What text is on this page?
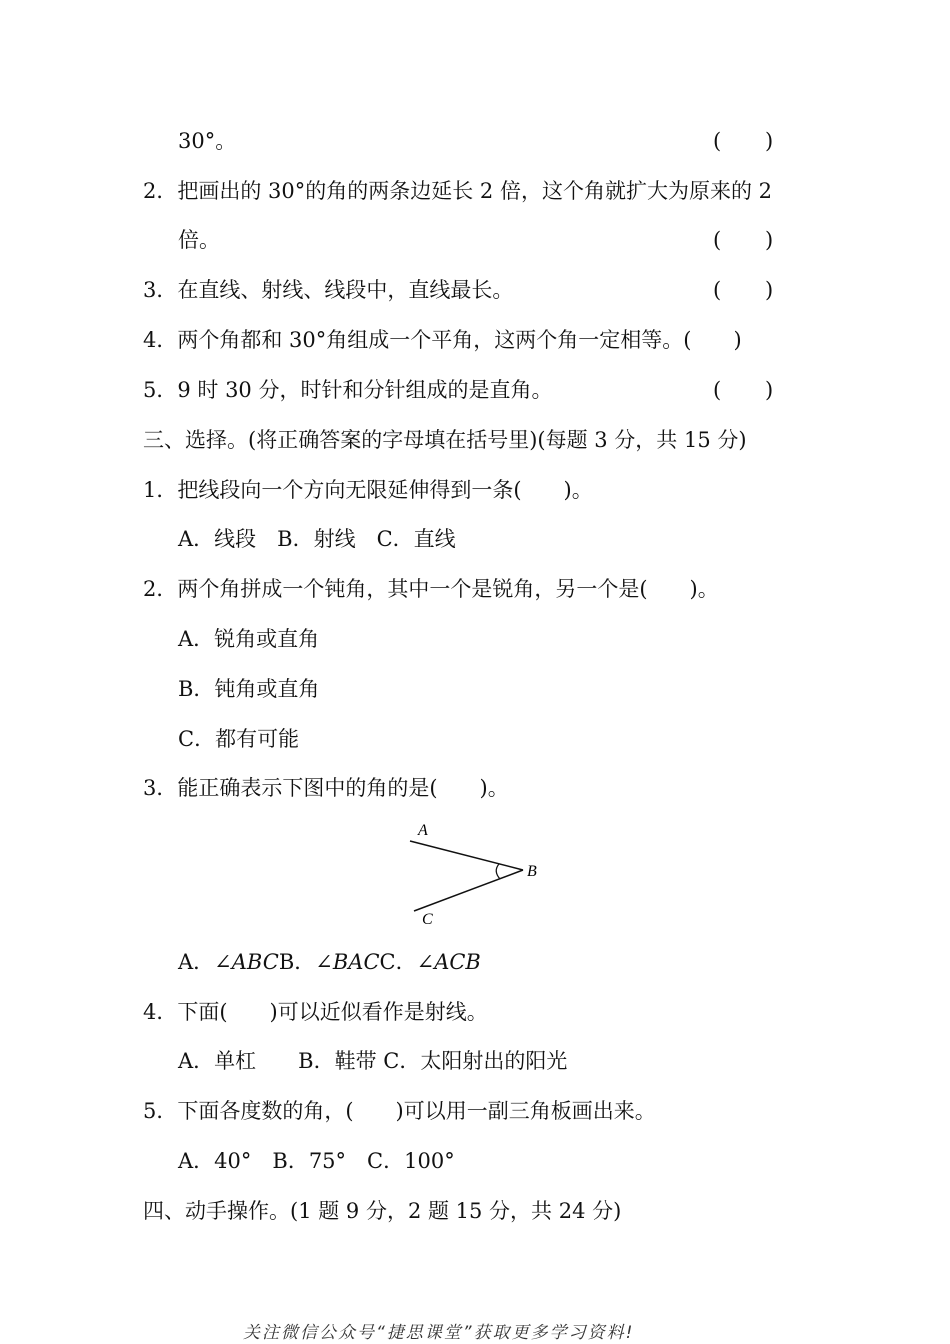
30°。	( )
2．把画出的 30°的角的两条边延长 2 倍，这个角就扩大为原来的 2
倍。	( )
3．在直线、射线、线段中，直线最长。	( )
4．两个角都和 30°角组成一个平角，这两个角一定相等。(　　)
5．9 时 30 分，时针和分针组成的是直角。	( )
三、选择。(将正确答案的字母填在括号里)(每题 3 分，共 15 分)
1．把线段向一个方向无限延伸得到一条(　　)。
A．线段　B．射线　C．直线
2．两个角拼成一个钝角，其中一个是锐角，另一个是(　　)。
A．锐角或直角
B．钝角或直角
C．都有可能
3．能正确表示下图中的角的是(　　)。
A
B
C
A．∠ABCB．∠BACC．∠ACB
4．下面(　　)可以近似看作是射线。
A．单杠　　B．鞋带 C．太阳射出的阳光
5．下面各度数的角，(　　)可以用一副三角板画出来。
A．40°　B．75°　C．100°
四、动手操作。(1 题 9 分，2 题 15 分，共 24 分)
关注微信公众号“捷思课堂”获取更多学习资料!
